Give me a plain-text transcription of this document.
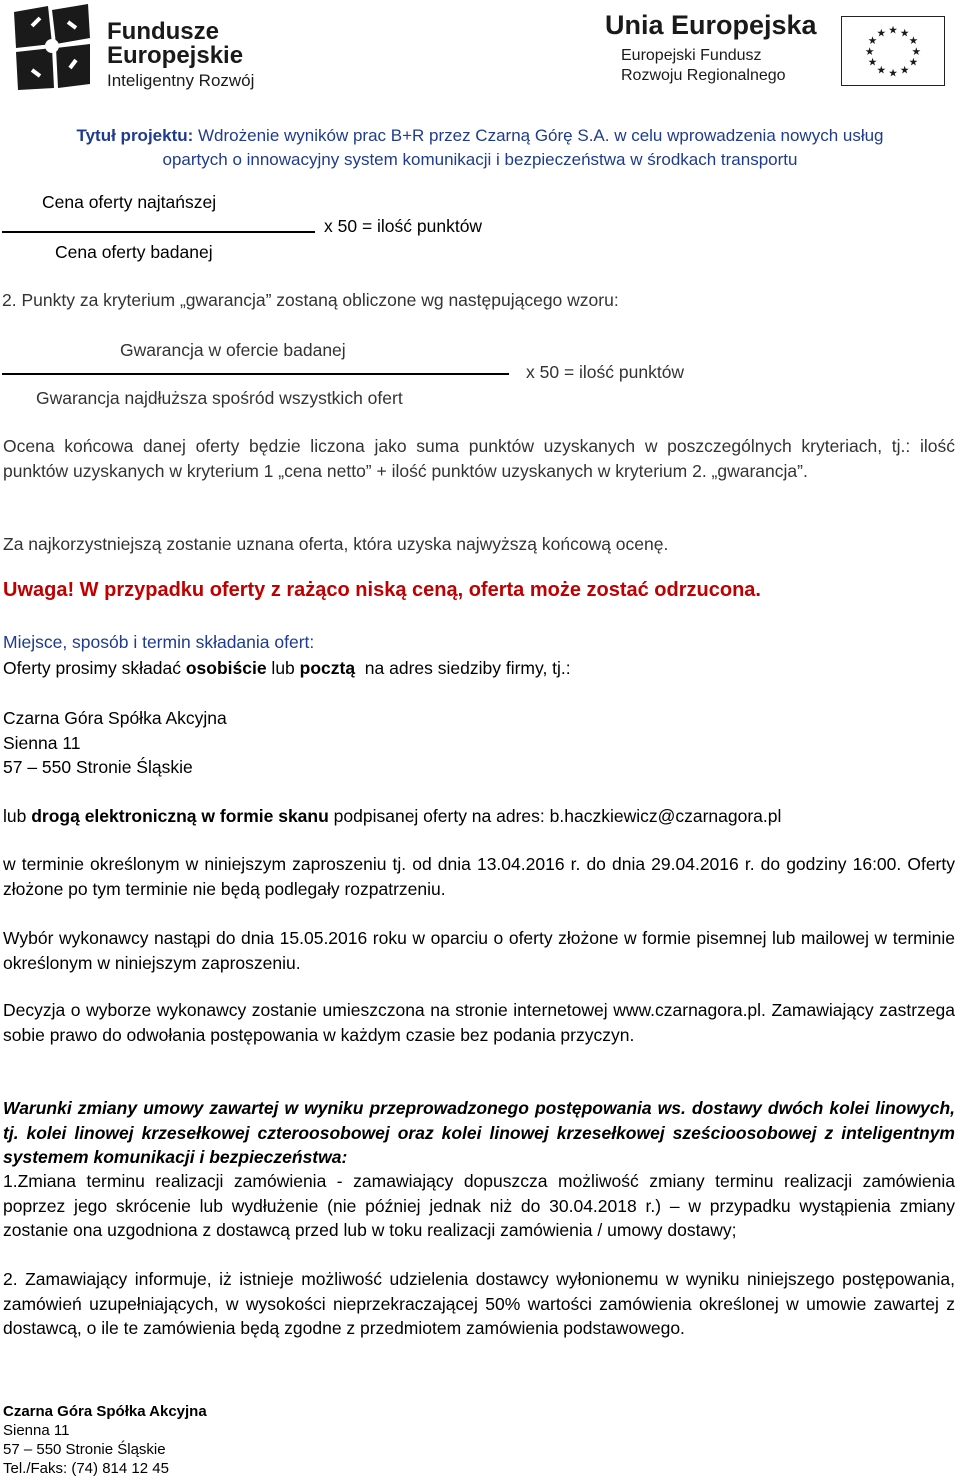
Fundusze
Europejskie
Inteligentny Rozwój
Unia Europejska
Europejski Fundusz
Rozwoju Regionalnego
★ ★
★
★
★
★
★
★
★
★
★
★
Tytuł projektu: Wdrożenie wyników prac B+R przez Czarną Górę S.A. w celu wprowadzenia nowych usług
opartych o innowacyjny system komunikacji i bezpieczeństwa w środkach transportu
Cena oferty najtańszej
x 50 = ilość punktów
Cena oferty badanej
2. Punkty za kryterium „gwarancja” zostaną obliczone wg następującego wzoru:
Gwarancja w ofercie badanej
x 50 = ilość punktów
Gwarancja najdłuższa spośród wszystkich ofert
Ocena końcowa danej oferty będzie liczona jako suma punktów uzyskanych w poszczególnych kryteriach, tj.: ilość punktów uzyskanych w kryterium 1 „cena netto” + ilość punktów uzyskanych w kryterium 2. „gwarancja”.
Za najkorzystniejszą zostanie uznana oferta, która uzyska najwyższą końcową ocenę.
Uwaga! W przypadku oferty z rażąco niską ceną, oferta może zostać odrzucona.
Miejsce, sposób i termin składania ofert:
Oferty prosimy składać osobiście lub pocztą  na adres siedziby firmy, tj.:
Czarna Góra Spółka Akcyjna
Sienna 11
57 – 550 Stronie Śląskie
lub drogą elektroniczną w formie skanu podpisanej oferty na adres: b.haczkiewicz@czarnagora.pl
w terminie określonym w niniejszym zaproszeniu tj. od dnia 13.04.2016 r. do dnia 29.04.2016 r. do godziny 16:00. Oferty złożone po tym terminie nie będą podlegały rozpatrzeniu.
Wybór wykonawcy nastąpi do dnia 15.05.2016 roku w oparciu o oferty złożone w formie pisemnej lub mailowej w terminie określonym w niniejszym zaproszeniu.
Decyzja o wyborze wykonawcy zostanie umieszczona na stronie internetowej www.czarnagora.pl. Zamawiający zastrzega sobie prawo do odwołania postępowania w każdym czasie bez podania przyczyn.
Warunki zmiany umowy zawartej w wyniku przeprowadzonego postępowania ws. dostawy dwóch kolei linowych, tj. kolei linowej krzesełkowej czteroosobowej oraz kolei linowej krzesełkowej sześcioosobowej z inteligentnym systemem komunikacji i bezpieczeństwa:
1.Zmiana terminu realizacji zamówienia - zamawiający dopuszcza możliwość zmiany terminu realizacji zamówienia poprzez jego skrócenie lub wydłużenie (nie później jednak niż do 30.04.2018 r.) – w przypadku wystąpienia zmiany zostanie ona uzgodniona z dostawcą przed lub w toku realizacji zamówienia / umowy dostawy;
2. Zamawiający informuje, iż istnieje możliwość udzielenia dostawcy wyłonionemu w wyniku niniejszego postępowania, zamówień uzupełniających, w wysokości nieprzekraczającej 50% wartości zamówienia określonej w umowie zawartej z dostawcą, o ile te zamówienia będą zgodne z przedmiotem zamówienia podstawowego.
Czarna Góra Spółka Akcyjna
Sienna 11
57 – 550 Stronie Śląskie
Tel./Faks: (74) 814 12 45
